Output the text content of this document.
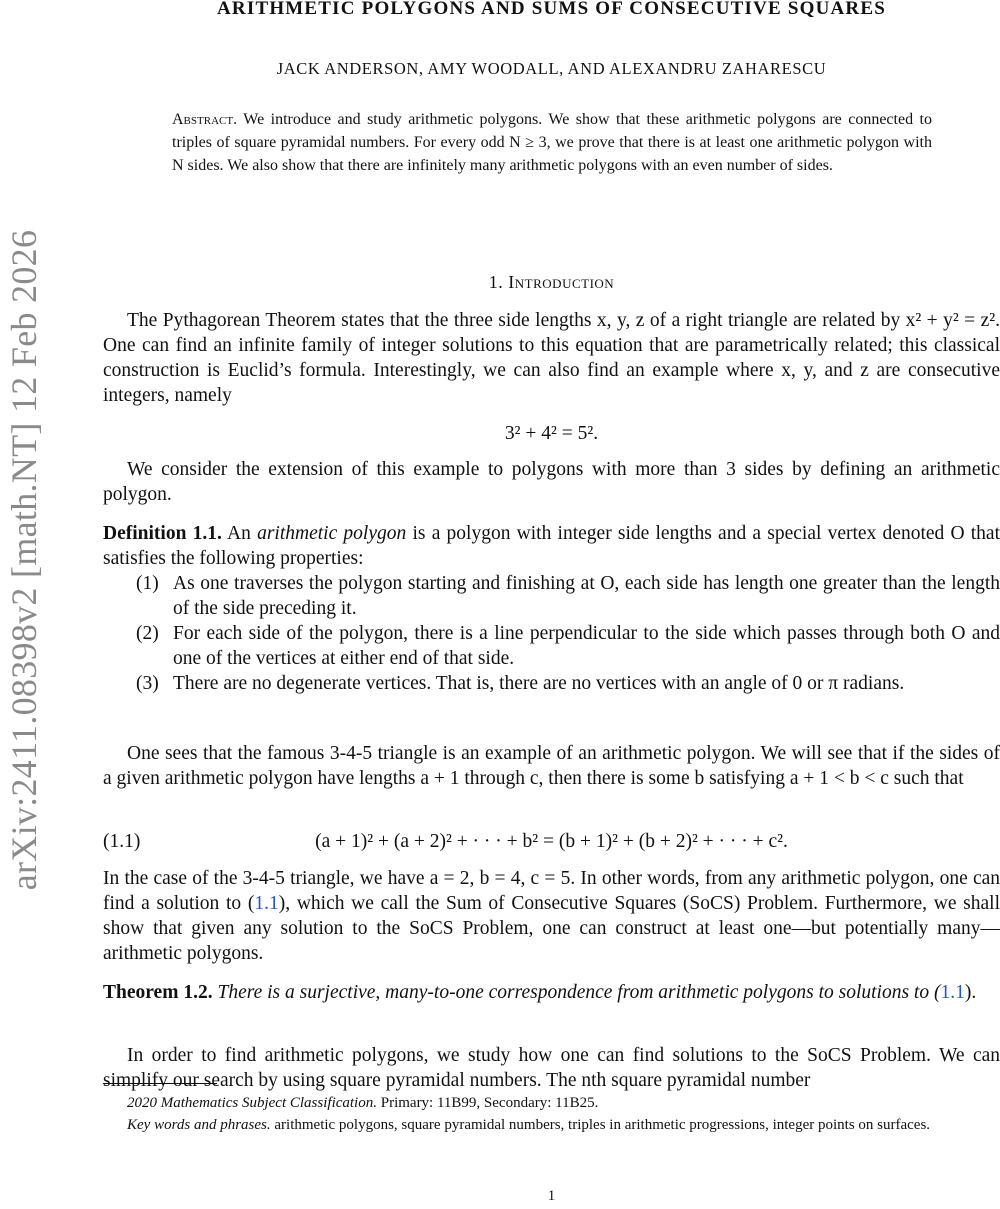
arXiv:2411.08398v2 [math.NT] 12 Feb 2026
ARITHMETIC POLYGONS AND SUMS OF CONSECUTIVE SQUARES
JACK ANDERSON, AMY WOODALL, AND ALEXANDRU ZAHARESCU
Abstract. We introduce and study arithmetic polygons. We show that these arithmetic polygons are connected to triples of square pyramidal numbers. For every odd N ≥ 3, we prove that there is at least one arithmetic polygon with N sides. We also show that there are infinitely many arithmetic polygons with an even number of sides.
1. Introduction

The Pythagorean Theorem states that the three side lengths x, y, z of a right triangle are related by x² + y² = z². One can find an infinite family of integer solutions to this equation that are parametrically related; this classical construction is Euclid’s formula. Interestingly, we can also find an example where x, y, and z are consecutive integers, namely

3² + 4² = 5².

We consider the extension of this example to polygons with more than 3 sides by defining an arithmetic polygon.

Definition 1.1. An arithmetic polygon is a polygon with integer side lengths and a special vertex denoted O that satisfies the following properties:

(1) As one traverses the polygon starting and finishing at O, each side has length one greater than the length of the side preceding it.
(2) For each side of the polygon, there is a line perpendicular to the side which passes through both O and one of the vertices at either end of that side.
(3) There are no degenerate vertices. That is, there are no vertices with an angle of 0 or π radians.

One sees that the famous 3-4-5 triangle is an example of an arithmetic polygon. We will see that if the sides of a given arithmetic polygon have lengths a + 1 through c, then there is some b satisfying a + 1 < b < c such that

(1.1)	(a + 1)² + (a + 2)² + · · · + b² = (b + 1)² + (b + 2)² + · · · + c².

In the case of the 3-4-5 triangle, we have a = 2, b = 4, c = 5. In other words, from any arithmetic polygon, one can find a solution to (1.1), which we call the Sum of Consecutive Squares (SoCS) Problem. Furthermore, we shall show that given any solution to the SoCS Problem, one can construct at least one—but potentially many—arithmetic polygons.

Theorem 1.2. There is a surjective, many-to-one correspondence from arithmetic polygons to solutions to (1.1).

In order to find arithmetic polygons, we study how one can find solutions to the SoCS Problem. We can simplify our search by using square pyramidal numbers. The nth square pyramidal number

2020 Mathematics Subject Classification. Primary: 11B99, Secondary: 11B25.

Key words and phrases. arithmetic polygons, square pyramidal numbers, triples in arithmetic progressions, integer points on surfaces.

1
